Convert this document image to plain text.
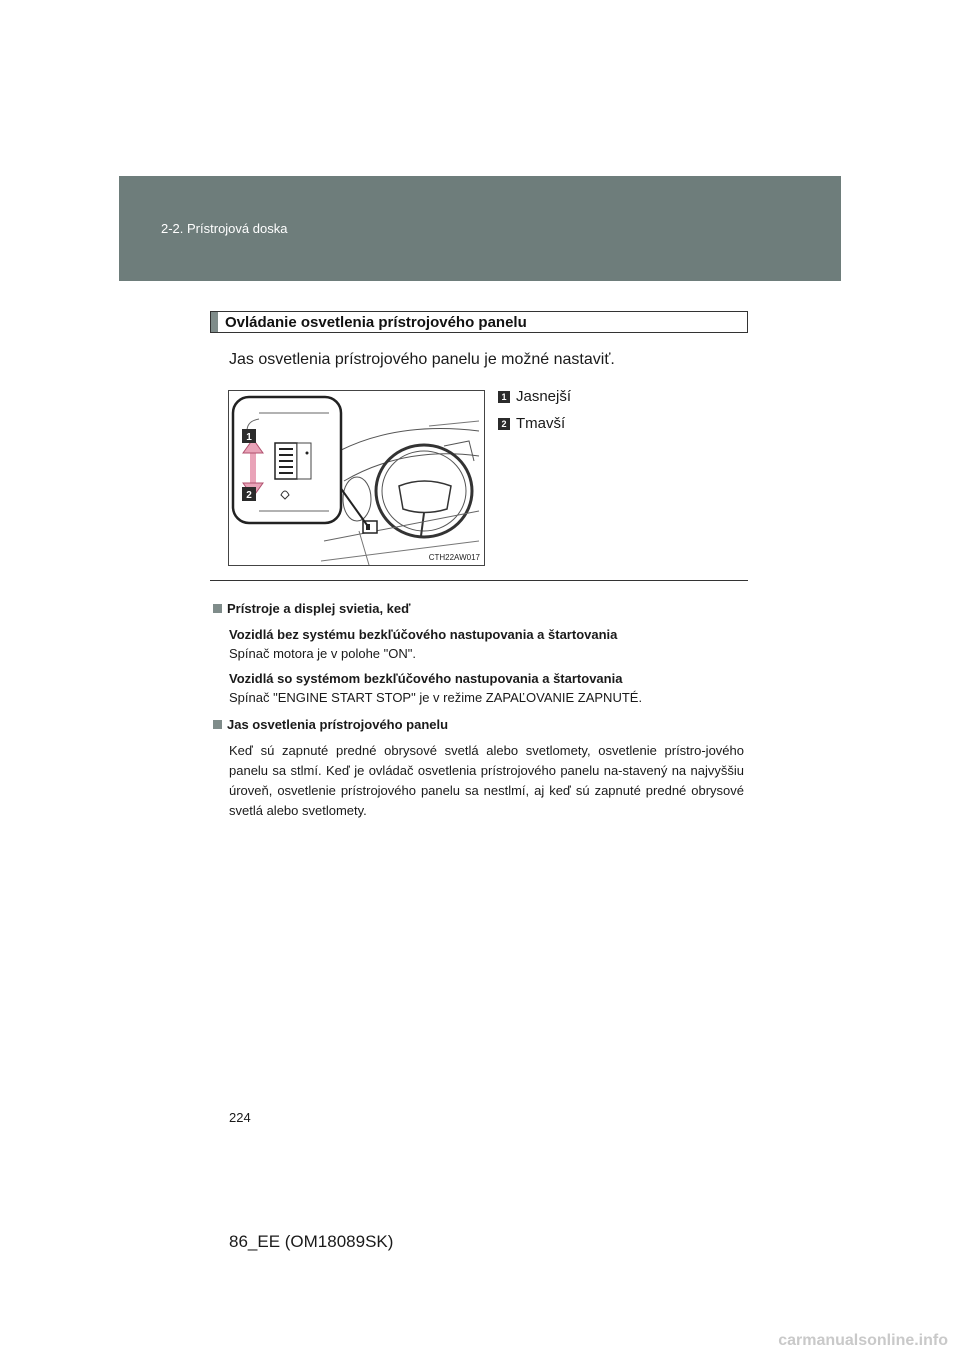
2-2. Prístrojová doska
Ovládanie osvetlenia prístrojového panelu
Jas osvetlenia prístrojového panelu je možné nastaviť.
1
2
CTH22AW017
1 Jasnejší
2 Tmavší
Prístroje a displej svietia, keď
Vozidlá bez systému bezkľúčového nastupovania a štartovania
Spínač motora je v polohe "ON".
Vozidlá so systémom bezkľúčového nastupovania a štartovania
Spínač "ENGINE START STOP" je v režime ZAPAĽOVANIE ZAPNUTÉ.
Jas osvetlenia prístrojového panelu
Keď sú zapnuté predné obrysové svetlá alebo svetlomety, osvetlenie prístro-jového panelu sa stlmí. Keď je ovládač osvetlenia prístrojového panelu na-stavený na najvyššiu úroveň, osvetlenie prístrojového panelu sa nestlmí, aj keď sú zapnuté predné obrysové svetlá alebo svetlomety.
224
86_EE (OM18089SK)
carmanualsonline.info
